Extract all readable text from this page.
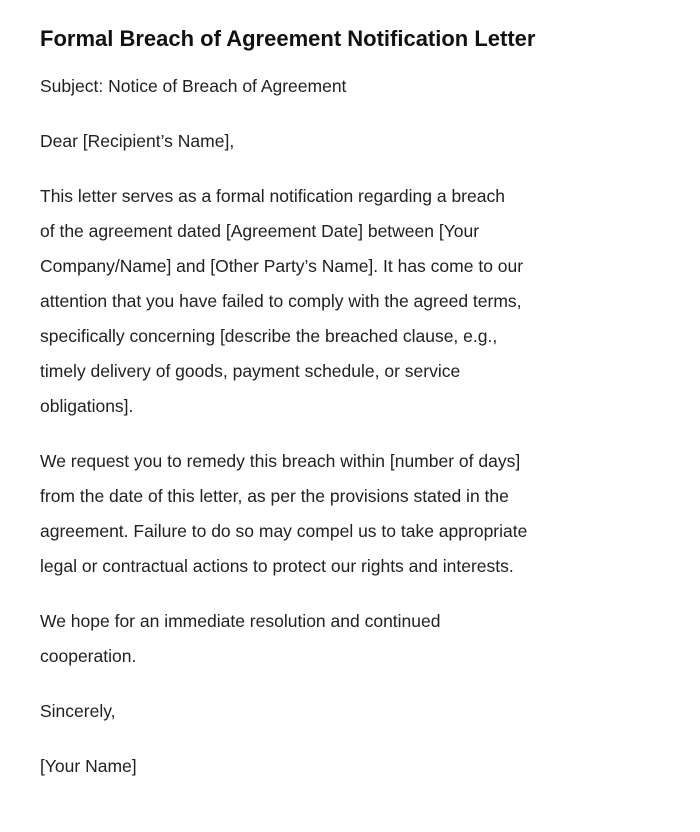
Formal Breach of Agreement Notification Letter

Subject: Notice of Breach of Agreement

Dear [Recipient’s Name],

This letter serves as a formal notification regarding a breach
of the agreement dated [Agreement Date] between [Your
Company/Name] and [Other Party’s Name]. It has come to our
attention that you have failed to comply with the agreed terms,
specifically concerning [describe the breached clause, e.g.,
timely delivery of goods, payment schedule, or service
obligations].
We request you to remedy this breach within [number of days]
from the date of this letter, as per the provisions stated in the
agreement. Failure to do so may compel us to take appropriate
legal or contractual actions to protect our rights and interests.
We hope for an immediate resolution and continued
cooperation.

Sincerely,

[Your Name]
